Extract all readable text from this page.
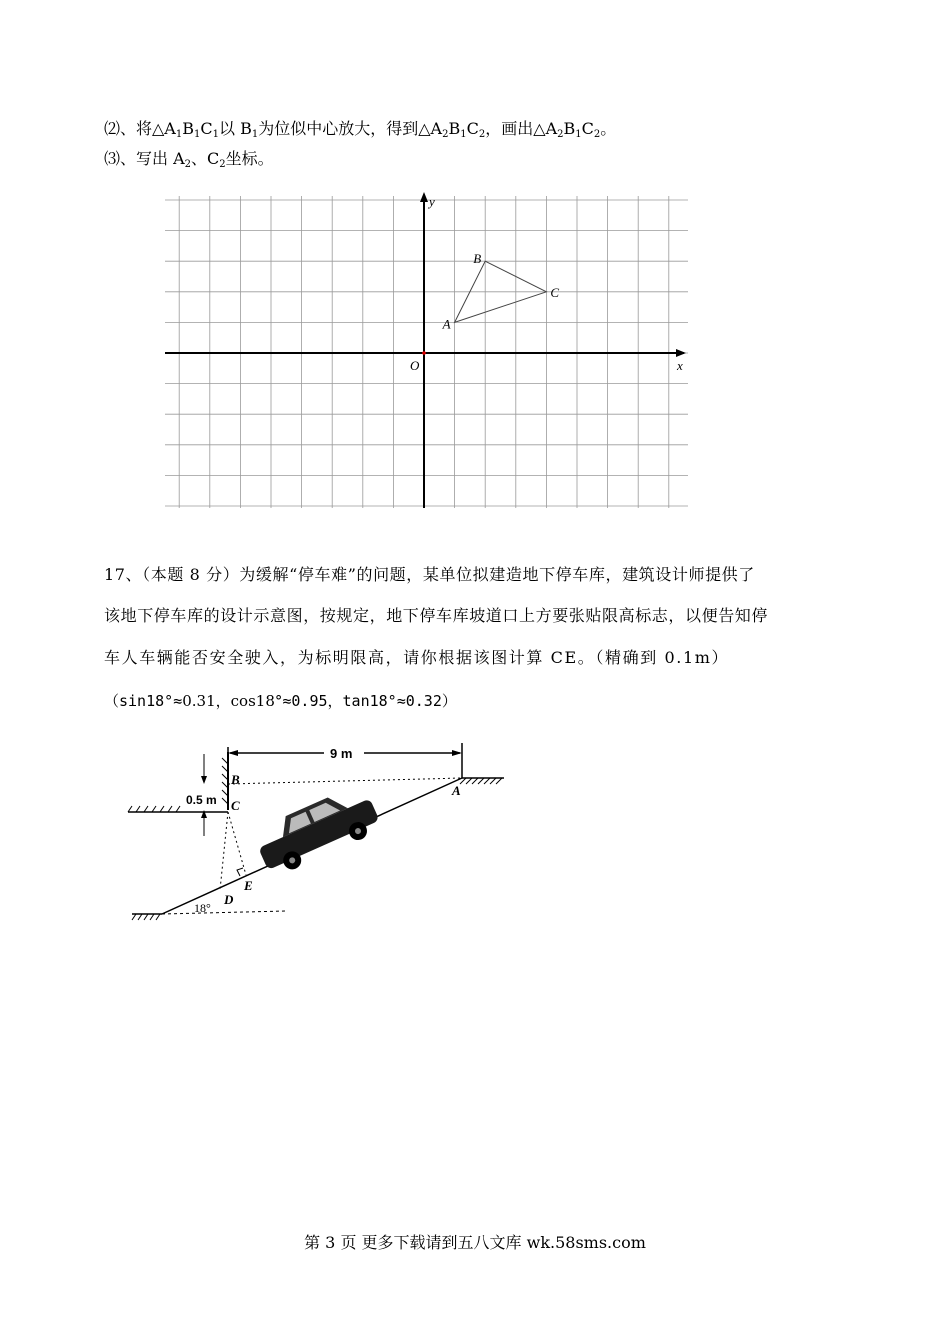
⑵、将$\triangle A_1B_1C_1$以 $B_1$为位似中心放大，得到$\triangle A_2B_1C_2$，画出$\triangle A_2B_1C_2$。
⑶、写出 $A_2$、$C_2$坐标。
x
y
O
A
B
C
17、（本题 8 分）为缓解“停车难”的问题，某单位拟建造地下停车库，建筑设计师提供了
该地下停车库的设计示意图，按规定，地下停车库坡道口上方要张贴限高标志，以便告知停
车人车辆能否安全驶入，为标明限高，请你根据该图计算 CE。（精确到 0.1m）
（sin18°≈0.31，cos18°≈0.95，tan18°≈0.32）
9 m
0.5 m
18°
B
C
A
D
E
第 3 页 更多下载请到五八文库 wk.58sms.com
